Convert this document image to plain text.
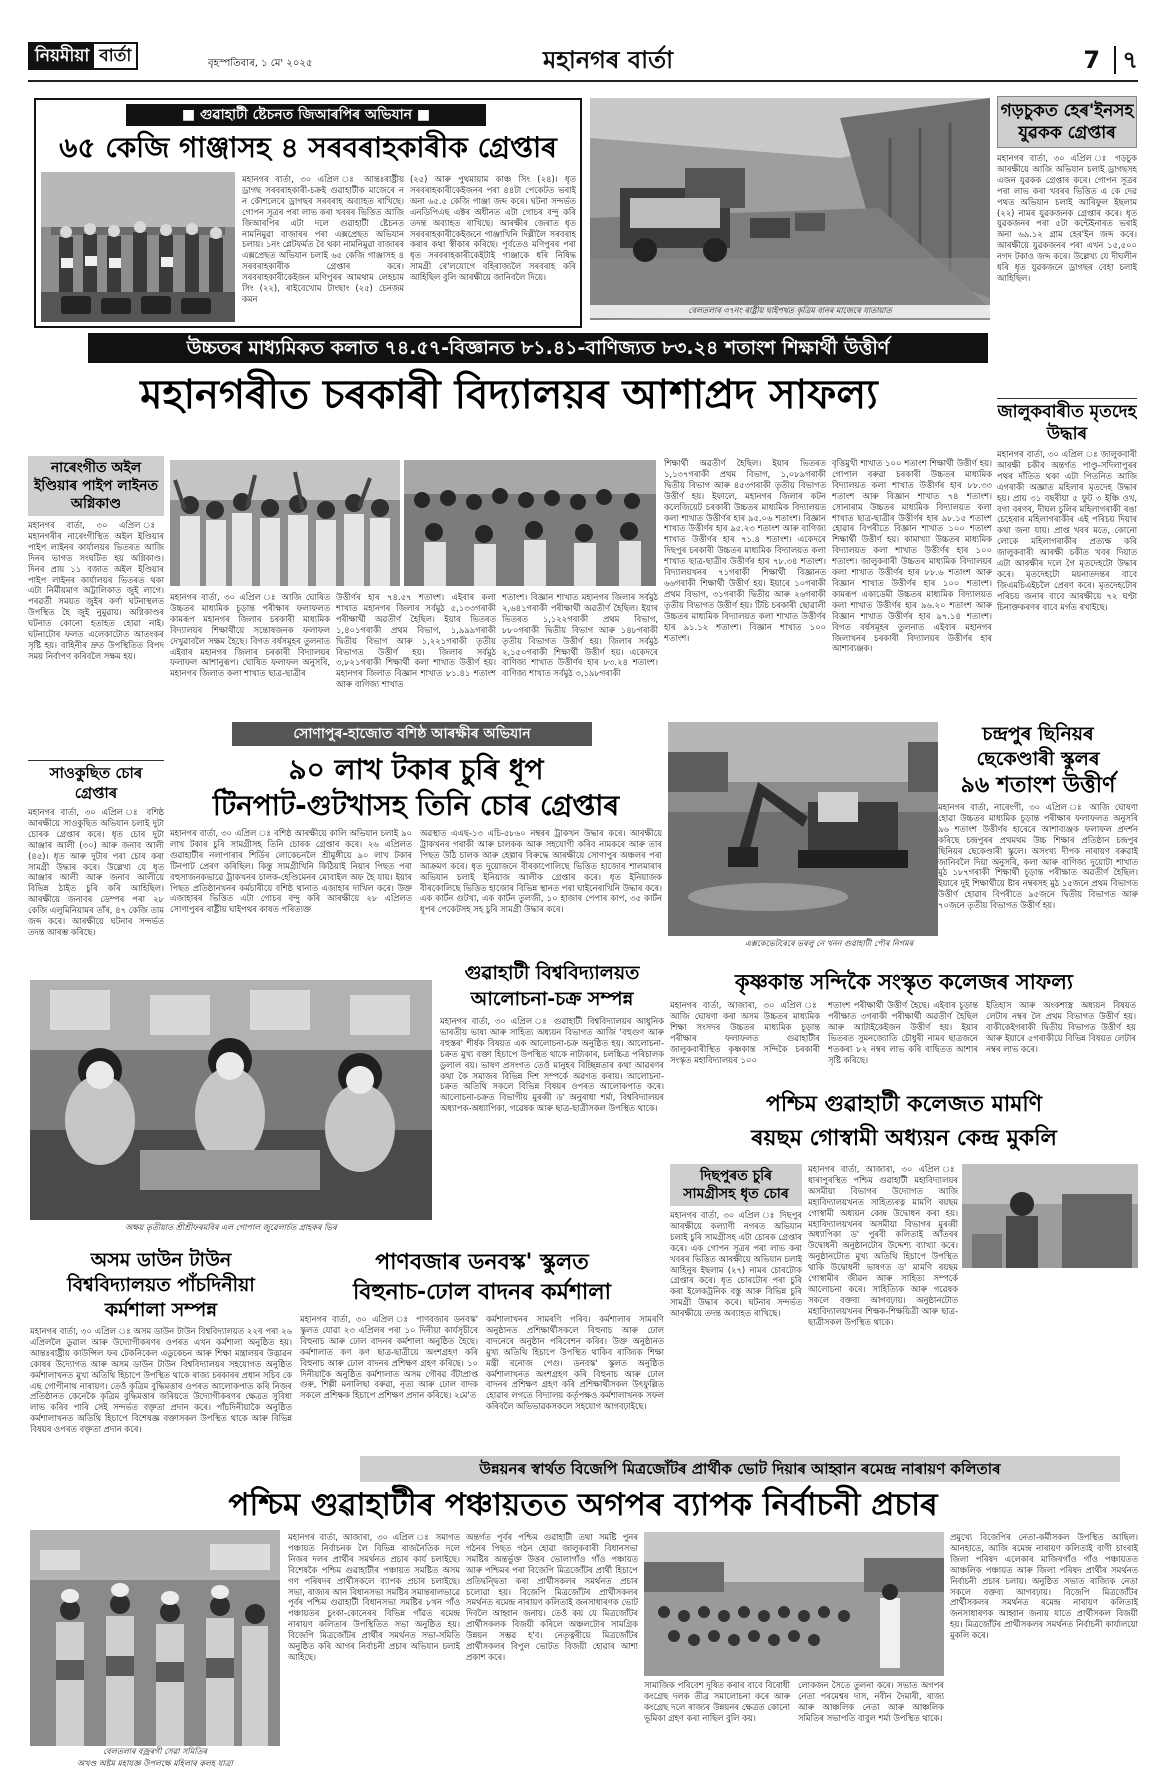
নিয়মীয়া বাৰ্তা	বৃহস্পতিবাৰ, ১ মে' ২০২৫	মহানগৰ বাৰ্তা	7 ৭
■ গুৱাহাটী ষ্টেচনত জিআৰপিৰ অভিযান ■
৬৫ কেজি গাঞ্জাসহ ৪ সৰবৰাহকাৰীক গ্ৰেপ্তাৰ
মহানগৰ বাৰ্তা, ৩০ এপ্ৰিল ঃ আন্তঃৰাষ্ট্ৰীয় ড্ৰাগছ সৰবৰাহকাৰী-চক্ৰই গুৱাহাটীক মাজেৰে ন ন কৌশলেৰে ড্ৰাগছৰ সৰবৰাহ অব্যাহত ৰাখিছে। গোপন সূত্ৰৰ পৰা লাভ কৰা খবৰৰ ভিত্তিত আজি জিআৰপিৰ এটা দলে গুৱাহাটী ষ্টেচনত নামনিমুৱা বাজাৰৰ পৰা এক্সপ্ৰেছত অভিযান চলায়। ১নং প্লেটফৰ্মত বৈ থকা নামনিমুৱা বাজাৰৰ এক্সপ্ৰেছত অভিযান চলাই ৬৫ কেজি গাঞ্জাসহ ৪ সৰবৰাহকাৰীক গ্ৰেপ্তাৰ কৰে। সৰবৰাহকাৰীকেইজন মণিপুৰৰ আমথাম লেহচাম সিং (২২), ৰাইবেখোম টাংছাং (২৫) চেনজম কমন
(২৫) আৰু পুথমায়াম কাঞ্চ সিং (২৪)। ধৃত সৰবৰাহকাৰীকেইজনৰ পৰা ৪৪টা পেকেটত ভৰাই অনা ৬৫.৫ কেজি গাঞ্জা জব্দ কৰে। ঘটনা সন্দৰ্ভত এনডিপিএছ এক্টৰ অধীনত এটা গোচৰ বন্দু কৰি তদন্ত অব্যাহত ৰাখিছে। আৰক্ষীৰ জেৰাত ধৃত সৰবৰাহকাৰীকেইজনে গাঞ্জাখিনি দিল্লীলৈ সৰবৰাহ কৰাৰ কথা স্বীকাৰ কৰিছে। পূৰ্বতেও মণিপুৰৰ পৰা ধৃত সৰবৰাহকাৰীকেইটাই গাঞ্জাকে ধৰি নিষিদ্ধ সামগ্ৰী ৰে'লযোগে বহিৰাজ্যলৈ সৰবৰাহ কৰি আহিছিল বুলি আৰক্ষীয়ে জানিবলৈ দিয়ে।
বেলতলাৰ ৩৭নং ৰাষ্ট্ৰীয় ঘাইপথত কৃত্ৰিম বানৰ মাজেৰে যাতায়াত
গড়চুকত হেৰ'ইনসহ যুৱকক গ্ৰেপ্তাৰ
মহানগৰ বাৰ্তা, ৩০ এপ্ৰিল ঃ গড়চুক আৰক্ষীয়ে আজি অভিযান চলাই ড্ৰাগছসহ এজন যুৱকক গ্ৰেপ্তাৰ কৰে। গোপন সূত্ৰৰ পৰা লাভ কৰা খবৰৰ ভিত্তিত এ কে দেৱ পথত অভিযান চলাই আৰিফুল ইছলাম (২২) নামৰ যুৱকজনক গ্ৰেপ্তাৰ কৰে। ধৃত যুৱকজনৰ পৰা ৫টা কন্টেইনাৰত ভৰাই অনা ৬৯.১২ গ্ৰাম হেৰ'ইন জব্দ কৰে। আৰক্ষীয়ে যুৱকজনৰ পৰা এখন ১৫,৫০০ নগদ টকাও জব্দ কৰে। উল্লেখ্য যে দীঘলীন ধৰি ধৃত যুৱকজনে ড্ৰাগছৰ বেহা চলাই আহিছিল।
উচ্চতৰ মাধ্যমিকত কলাত ৭৪.৫৭-বিজ্ঞানত ৮১.৪১-বাণিজ্যত ৮৩.২৪ শতাংশ শিক্ষাৰ্থী উত্তীৰ্ণ
মহানগৰীত চৰকাৰী বিদ্যালয়ৰ আশাপ্ৰদ সাফল্য	জালুকবাৰীত মৃতদেহ উদ্ধাৰ
মহানগৰ বাৰ্তা, ৩০ এপ্ৰিল ঃ জালুকবাৰী আৰক্ষী চকীৰ অন্তৰ্গত পাণ্ডু-সদিলাপুৰৰ পথৰ দাঁতিত থকা এটা পিতনিত আজি এগৰাকী অজ্ঞাত মহিলাৰ মৃতদেহ উদ্ধাৰ হয়। প্ৰায় ৩১ বছৰীয়া ৫ ফুট ৩ ইঞ্চি ওখ, বগা বৰণৰ, দীঘল চুলিৰ মহিলাগৰাকী ৰঙা চেহেৰাৰ মহিলাগৰাকীৰ এই পৰিচয় দিয়াৰ কথা জনা যায়। প্ৰাপ্ত খবৰ মতে, কোনো লোকে মহিলাগৰাকীৰ প্ৰত্যক্ষ কৰি জালুকবাৰী আৰক্ষী চকীত খবৰ দিয়াত এটা আৰক্ষীৰ দলে গৈ মৃতদেহটো উদ্ধাৰ কৰে। মৃতদেহটো ময়নাতদন্তৰ বাবে জিএমচিএইচলৈ প্ৰেৰণ কৰে। মৃতদেহটোৰ পৰিচয় জনাৰ বাবে আৰক্ষীয়ে ৭২ ঘণ্টা চিনাক্তকৰণৰ বাবে মৰ্গত ৰখাইছে।
নাৰেংগীত অইল ইণ্ডিয়াৰ পাইপ লাইনত অগ্নিকাণ্ড
মহানগৰ বাৰ্তা, ৩০ এপ্ৰিল ঃ মহানগৰীৰ নাৰেংগীস্থিত অইল ইণ্ডিয়াৰ পাইপ লাইনৰ কাৰ্যালয়ৰ ভিতৰত আজি দিনৰ ভাগত সংঘটিত হয় অগ্নিকাণ্ড। দিনৰ প্ৰায় ১১ বজাত অইল ইণ্ডিয়াৰ পাইপ লাইনৰ কাৰ্যালয়ৰ ভিতৰত থকা এটা নিৰ্মীয়মাণ অট্টালিকাত জুই লাগে। পৰৱৰ্তী সময়ত জুইৰ কৰ্ণা ঘটনাস্থলত উপস্থিত হৈ জুই নুমুৱায়। অগ্নিকাণ্ডৰ ঘটনাত কোনো হতাহত হোৱা নাই। ঘটনাটোৰ ফলত এলেকাটোত আতংকৰ সৃষ্টি হয়। বাহিনীৰ দ্ৰুত উপস্থিতিত বিপদ সময় নিৰ্বাপণ কৰিবলৈ সক্ষম হয়।
সাওকুছিত চোৰ গ্ৰেপ্তাৰ
মহানগৰ বাৰ্তা, ৩০ এপ্ৰিল ঃ বশিষ্ঠ আৰক্ষীয়ে সাওকুছিত অভিযান চলাই দুটা চোৰক গ্ৰেপ্তাৰ কৰে। ধৃত চোৰ দুটা আঞ্জাৰ আলী (৩০) আৰু জনাব আলী (৪৫)। ধৃত আৰু দুটাৰ পৰা চোৰ কৰা সামগ্ৰী উদ্ধাৰ কৰে। উল্লেখ্য যে ধৃত আঞ্জাৰ আলী আৰু জনাব আলীয়ে বিভিন্ন ঠাইত চুৰি কৰি আহিছিল। আৰক্ষীয়ে জনাবৰ ডেম্পৰ পৰা ২৮ কেজি এলুমিনিয়ামৰ তাঁৰ, ৪৭ কেজি তাম জব্দ কৰে। আৰক্ষীয়ে ঘটনাৰ সন্দৰ্ভত তদন্ত আৰম্ভ কৰিছে।
মহানগৰ বাৰ্তা, ৩০ এপ্ৰিল ঃ আজি ঘোষিত উচ্চতৰ মাধ্যমিক চূড়ান্ত পৰীক্ষাৰ ফলাফলত কামৰূপ মহানগৰ জিলাৰ চৰকাৰী মাধ্যমিক বিদ্যালয়ৰ শিক্ষাৰ্থীয়ে সন্তোষজনক ফলাফল দেখুৱাবলৈ সক্ষম হৈছে। বিগত বৰ্ষসমূহৰ তুলনাত এইবাৰ মহানগৰ জিলাৰ চৰকাৰী বিদ্যালয়ৰ ফলাফল আশানুৰূপ। ঘোষিত ফলাফল অনুসৰি, মহানগৰ জিলাত কলা শাখাত ছাত্ৰ-ছাত্ৰীৰ
উত্তীৰ্ণৰ হাৰ ৭৪.৫৭ শতাংশ। এইবাৰ কলা শাখাত মহানগৰ জিলাৰ সৰ্বমুঠ ৫,১৩৩গৰাকী পৰীক্ষাৰ্থী অৱতীৰ্ণ হৈছিল। ইয়াৰ ভিতৰত ১,৪০১গৰাকী প্ৰথম বিভাগ, ১,৯৯৯গৰাকী দ্বিতীয় বিভাগ আৰু ১,২২১গৰাকী তৃতীয় বিভাগত উত্তীৰ্ণ হয়। জিলাৰ সৰ্বমুঠ ৩,৮২১গৰাকী শিক্ষাৰ্থী কলা শাখাত উত্তীৰ্ণ হয়। মহানগৰ জিলাত বিজ্ঞান শাখাত ৮১.৪১ শতাংশ আৰু বাণিজ্য শাখাত
শতাংশ। বিজ্ঞান শাখাত মহানগৰ জিলাৰ সৰ্বমুঠ ২,৬৪১গৰাকী পৰীক্ষাৰ্থী অৱতীৰ্ণ হৈছিল। ইয়াৰ ভিতৰত ১,১২২গৰাকী প্ৰথম বিভাগ, ৮৮০গৰাকী দ্বিতীয় বিভাগ আৰু ১৪৮গৰাকী তৃতীয় বিভাগত উত্তীৰ্ণ হয়। জিলাৰ সৰ্বমুঠ ২,১৫০গৰাকী শিক্ষাৰ্থী উত্তীৰ্ণ হয়। একেদৰে বাণিজ্য শাখাত উত্তীৰ্ণৰ হাৰ ৮৩.২৪ শতাংশ। বাণিজ্য শাখাত সৰ্বমুঠ ৩,১৯৮গৰাকী
শিক্ষাৰ্থী অৱতীৰ্ণ হৈছিল। ইয়াৰ ভিতৰত ১,১৩৭গৰাকী প্ৰথম বিভাগ, ১,০৮৯গৰাকী দ্বিতীয় বিভাগ আৰু ৪৫৩গৰাকী তৃতীয় বিভাগত উত্তীৰ্ণ হয়। ইফালে, মহানগৰ জিলাৰ কটন কলেজিয়েট চৰকাৰী উচ্চতৰ মাধ্যমিক বিদ্যালয়ত কলা শাখাত উত্তীৰ্ণৰ হাৰ ৯৫.০৬ শতাংশ। বিজ্ঞান শাখাত উত্তীৰ্ণৰ হাৰ ৯৫.২৩ শতাংশ আৰু বাণিজ্য শাখাত উত্তীৰ্ণৰ হাৰ ৭১.৪ শতাংশ। একেদৰে দিছপুৰ চৰকাৰী উচ্চতৰ মাধ্যমিক বিদ্যালয়ত কলা শাখাত ছাত্ৰ-ছাত্ৰীৰ উত্তীৰ্ণৰ হাৰ ৭৮.৩৪ শতাংশ। বিদ্যালয়খনৰ ৭১গৰাকী শিক্ষাৰ্থী বিজ্ঞানত ৬৬গৰাকী শিক্ষাৰ্থী উত্তীৰ্ণ হয়। ইয়াৰে ১০গৰাকী প্ৰথম বিভাগ, ৩১গৰাকী দ্বিতীয় আৰু ২৬গৰাকী তৃতীয় বিভাগত উত্তীৰ্ণ হয়। টিচি চৰকাৰী ছোৱালী উচ্চতৰ মাধ্যমিক বিদ্যালয়ত কলা শাখাত উত্তীৰ্ণৰ হাৰ ৯১.১২ শতাংশ। বিজ্ঞান শাখাত ১০০ শতাংশ।
বৃত্তিমুখী শাখাত ১০০ শতাংশ শিক্ষাৰ্থী উত্তীৰ্ণ হয়। গোপাল বৰুৱা চৰকাৰী উচ্চতৰ মাধ্যমিক বিদ্যালয়ত কলা শাখাত উত্তীৰ্ণৰ হাৰ ৮৮.৩৩ শতাংশ আৰু বিজ্ঞান শাখাত ৭৪ শতাংশ। সোনাৰাম উচ্চতৰ মাধ্যমিক বিদ্যালয়ত কলা শাখাত ছাত্ৰ-ছাত্ৰীৰ উত্তীৰ্ণৰ হাৰ ৯৮.১৫ শতাংশ হোৱাৰ বিপৰীতে বিজ্ঞান শাখাত ১০০ শতাংশ শিক্ষাৰ্থী উত্তীৰ্ণ হয়। কামাখ্যা উচ্চতৰ মাধ্যমিক বিদ্যালয়ত কলা শাখাত উত্তীৰ্ণৰ হাৰ ১০০ শতাংশ। জালুকবাৰী উচ্চতৰ মাধ্যমিক বিদ্যালয়ৰ কলা শাখাত উত্তীৰ্ণৰ হাৰ ৮৮.৬ শতাংশ আৰু বিজ্ঞান শাখাত উত্তীৰ্ণৰ হাৰ ১০০ শতাংশ। কামৰূপ একাডেমী উচ্চতৰ মাধ্যমিক বিদ্যালয়ত কলা শাখাত উত্তীৰ্ণৰ হাৰ ৯৬.২০ শতাংশ আৰু বিজ্ঞান শাখাত উত্তীৰ্ণৰ হাৰ ৯৭.১৪ শতাংশ। বিগত বৰ্ষসমূহৰ তুলনাত এইবাৰ মহানগৰ জিলাখনৰ চৰকাৰী বিদ্যালয়ৰ উত্তীৰ্ণৰ হাৰ আশাব্যঞ্জক।
সোণাপুৰ-হাজোত বশিষ্ঠ আৰক্ষীৰ অভিযান
৯০ লাখ টকাৰ চুৰি ধূপ
টিনপাট-গুটখাসহ তিনি চোৰ গ্ৰেপ্তাৰ
মহানগৰ বাৰ্তা, ৩০ এপ্ৰিল ঃ বশিষ্ঠ আৰক্ষীয়ে কালি অভিযান চলাই ৯০ লাখ টকাৰ চুৰি সামগ্ৰীসহ তিনি চোৰক গ্ৰেপ্তাৰ কৰে। ২৬ এপ্ৰিলত গুৱাহাটীৰ নলাপাৰাৰ শিৰ্ডিৰ লোকেচনলৈ শ্ৰীমুঙ্গীয়ে ৯০ লাখ টকাৰ টিনপাট প্ৰেৰণ কৰিছিল। কিন্তু সামগ্ৰীখিনি কিঠিয়াই নিয়াৰ পিছত পৰা বহুসাজনকভাৱে ট্ৰাকখনৰ চালক-হেণ্ডিমেনৰ মোবাইল অফ হৈ যায়। ইয়াৰ পিছত প্ৰতিষ্ঠানখনৰ কৰ্মচাৰীয়ে বশিষ্ঠ থানাত এজাহাৰ দাখিল কৰে। উক্ত এজাহাৰৰ ভিত্তিত এটা গোচৰ বন্দু কৰি আৰক্ষীয়ে ২৮ এপ্ৰিলত সোণাপুৰৰ ৰাষ্ট্ৰীয় ঘাইপথৰ কাষত পৰিত্যক্ত
অৱস্থাত এএছ-১৩ এচি-৫৮৬০ নম্বৰৰ ট্ৰাকখন উদ্ধাৰ কৰে। আৰক্ষীয়ে ট্ৰাকখনৰ গৰাকী আৰু চালকক আৰু সহযোগী কৰিব নামকৰে আৰু তাৰ পিছত উঠি চালক আৰু হেল্পাৰ বিৰুদ্ধে আৰক্ষীয়ে সোণাপুৰ অঞ্চলৰ পৰা আক্ৰমণ কৰে। ধৃত দুয়োজনে বীৰকাপোলিছে ভিত্তিত হাজোৰ শালমাৰাৰ অভিযান চলাই ইনিয়াজ আলীক গ্ৰেপ্তাৰ কৰে। ধৃত ইনিয়াজক বীৰকোলিছে ভিত্তিত হাজোৰ বিভিন্ন স্থানত পৰা ঘাইনেৰাখিনি উদ্ধাৰ কৰে। এক কাৰ্টন গুটখা, এক কাৰ্টন তুলজী, ১০ হাজাৰ পেপাৰ কাপ, ৩৫ কাৰ্টন ধূপৰ পেকেটসহ সহ চুৰি সামগ্ৰী উদ্ধাৰ কৰে।
এক্সকেভেটৰেৰে ভৰলু নে খনন গুৱাহাটী পৌৰ নিগমৰ
চন্দ্ৰপুৰ ছিনিয়ৰ
ছেকেণ্ডাৰী স্কুলৰ
৯৬ শতাংশ উত্তীৰ্ণ
মহানগৰ বাৰ্তা, নাৰেংগী, ৩০ এপ্ৰিল ঃ আজি ঘোষণা হোৱা উচ্চতৰ মাধ্যমিক চূড়ান্ত পৰীক্ষাৰ ফলাফলত অনুসৰি ৯৬ শতাংশ উত্তীৰ্ণৰ হাৰেৰে আশাব্যঞ্জক ফলাফল প্ৰদৰ্শন কৰিছে চন্দ্ৰপুৰৰ প্ৰথমথম উচ্চ শিক্ষাৰ প্ৰতিষ্ঠান চন্দ্ৰপুৰ ছিনিয়ৰ ছেকেণ্ডাৰী স্কুলে। অসংখ্য দীপক নাৰায়ণ বৰুৱাই জানিবলৈ দিয়া অনুসৰি, কলা আৰু বাণিজ্য দুয়োটা শাখাত মুঠ ১৮৭গৰাকী শিক্ষাৰ্থী চূড়ান্ত পৰীক্ষাত অৱতীৰ্ণ হৈছিল। ইয়াৰে দুই শিক্ষাৰ্থীয়ে ষ্টাৰ নম্বৰসহ মুঠ ১৫জনে প্ৰথম বিভাগত উত্তীৰ্ণ হোৱাৰ বিপৰীতে ৯৫জনে দ্বিতীয় বিভাগত আৰু ৭০জনে তৃতীয় বিভাগত উত্তীৰ্ণ হয়।
অক্ষয় তৃতীয়াত শ্ৰীশ্ৰীফৰমবিৰ এল গোপাল জুৱেলাৰ্চত গ্ৰাহকৰ ভিৰ
গুৱাহাটী বিশ্ববিদ্যালয়ত
আলোচনা-চক্ৰ সম্পন্ন
মহানগৰ বাৰ্তা, ৩০ এপ্ৰিল ঃ গুৱাহাটী বিশ্ববিদ্যালয়ৰ আধুনিক ভাৰতীয় ভাষা আৰু সাহিত্য অধ্যয়ন বিভাগত আজি 'বহুগুণ আৰু বহুস্তৰ' শীৰ্ষক বিষয়ত এক আলোচনা-চক্ৰ অনুষ্ঠিত হয়। আলোচনা-চক্ৰত মুখ্য বক্তা হিচাপে উপস্থিত থাকে নাট্যকাৰ, চলচ্চিত্ৰ পৰিচালক ডুলাল ৰয়। ভাষণ প্ৰসংগত তেওঁ মানুহৰ বিচ্ছিন্নতাৰ কথা আৱৰণৰ কথা কৈ সমাজৰ বিভিন্ন দিশ সম্পৰ্কে অৱগত কৰায়। আলোচনা-চক্ৰত অতিথি সকলে বিভিন্ন বিষয়ৰ ওপৰত আলোকপাত কৰে। আলোচনা-চক্ৰত বিভাগীয় মুৰব্বী ড' অনুৰাধা শৰ্মা, বিশ্ববিদ্যালয়ৰ অধ্যাপক-অধ্যাপিকা, গৱেষক আৰু ছাত্ৰ-ছাত্ৰীসকল উপস্থিত থাকে।
কৃষ্ণকান্ত সন্দিকৈ সংস্কৃত কলেজৰ সাফল্য
মহানগৰ বাৰ্তা, আজাৰা, ৩০ এপ্ৰিল ঃ আজি ঘোষণা কৰা অসম উচ্চতৰ মাধ্যমিক শিক্ষা সংসদৰ উচ্চতৰ মাধ্যমিক চূড়ান্ত পৰীক্ষাৰ ফলাফলত গুৱাহাটীৰ জালুকবাৰীস্থিত কৃষ্ণকান্ত সন্দিকৈ চৰকাৰী সংস্কৃত মহাবিদ্যালয়ৰ ১০০
শতাংশ পৰীক্ষাৰ্থী উত্তীৰ্ণ হৈছে। এইবাৰ চূড়ান্ত পৰীক্ষাত ৩গৰাকী পৰীক্ষাৰ্থী অৱতীৰ্ণ হৈছিল আৰু আটাইকেইজন উত্তীৰ্ণ হয়। ইয়াৰ ভিতৰত সুমনজ্যোতি চৌধুৰী নামৰ ছাত্ৰজনে শতকৰা ৮২ নম্বৰ লাভ কৰি বাছিতত আশাৰ সৃষ্টি কৰিছে।
ইতিহাস আৰু অংকশাস্ত্ৰ অধ্যয়ন বিষয়ত লেটাৰ নম্বৰ লৈ প্ৰথম বিভাগত উত্তীৰ্ণ হয়। বাকীকেইগৰাকী দ্বিতীয় বিভাগত উত্তীৰ্ণ হয় আৰু ইয়াৰে ৫গৰাকীয়ে বিভিন্ন বিষয়ত লেটাৰ নম্বৰ লাভ কৰে।
পশ্চিম গুৱাহাটী কলেজত মামণি
ৰয়ছম গোস্বামী অধ্যয়ন কেন্দ্ৰ মুকলি
দিছপুৰত চুৰি সামগ্ৰীসহ ধৃত চোৰ
মহানগৰ বাৰ্তা, ৩০ এপ্ৰিল ঃ দিছপুৰ আৰক্ষীয়ে কল্যাণী নগৰত অভিযান চলাই চুৰি সামগ্ৰীসহ এটা চোৰক গ্ৰেপ্তাৰ কৰে। এক গোপন সূত্ৰৰ পৰা লাভ কৰা খবৰৰ ভিত্তিত আৰক্ষীয়ে অভিযান চলাই আহিনুৰ ইছলাম (২৭) নামৰ চোৰটোক গ্ৰেপ্তাৰ কৰে। ধৃত চোৰটোৰ পৰা চুৰি কৰা ইলেকট্ৰনিক বস্তু আৰু বিভিন্ন চুৰি সামগ্ৰী উদ্ধাৰ কৰে। ঘটনাৰ সন্দৰ্ভত আৰক্ষীয়ে তদন্ত অব্যাহত ৰাখিছে।
মহানগৰ বাৰ্তা, আজাৰা, ৩০ এপ্ৰিল ঃ ধাৰাপুৰস্থিত পশ্চিম গুৱাহাটী মহাবিদ্যালয়ৰ অসমীয়া বিভাগৰ উদ্যোগত আজি মহাবিদ্যালয়খনত সাহিত্যৰত্ন মামণি ৰয়ছম গোস্বামী অধ্যয়ন কেন্দ্ৰ উদ্বোধন কৰা হয়। মহাবিদ্যালয়খনৰ অসমীয়া বিভাগৰ মুৰব্বী অধ্যাপিকা ড' পুৰবী কলিতাই আঁতৰৰ উদ্বোধনী অনুষ্ঠানটোৰ উদ্দেশ্য ব্যাখ্যা কৰে। অনুষ্ঠানটোত মুখ্য অতিথি হিচাপে উপস্থিত থাকি উদ্বোধনী ভাষণত ড' মামণি ৰয়ছম গোস্বামীৰ জীৱন আৰু সাহিত্য সম্পৰ্কে আলোচনা কৰে। সাহিত্যিক আৰু গৱেষক সকলে বক্তব্য আগবঢ়ায়। অনুষ্ঠানটোত মহাবিদ্যালয়খনৰ শিক্ষক-শিক্ষয়িত্ৰী আৰু ছাত্ৰ-ছাত্ৰীসকল উপস্থিত থাকে।
অসম ডাউন টাউন
বিশ্ববিদ্যালয়ত পাঁচদিনীয়া
কৰ্মশালা সম্পন্ন
মহানগৰ বাৰ্তা, ৩০ এপ্ৰিল ঃ অসম ডাউন টাউন বিশ্ববিদ্যালয়ত ২২ৰ পৰা ২৬ এপ্ৰিললৈ ডুৱাল আৰু উদ্যোগীকৰণৰ ওপৰত এখন কৰ্মশালা অনুষ্ঠিত হয়। আন্তঃৰাষ্ট্ৰীয় কাউন্সিল ফৰ টেকনিকেল এডুকেচন আৰু শিক্ষা মন্ত্ৰালয়ৰ উদ্ভাৱন কোষৰ উদ্যোগত আৰু অসম ডাউন টাউন বিশ্ববিদ্যালয়ৰ সহযোগত অনুষ্ঠিত কৰ্মশালাখনত মুখ্য অতিথি হিচাপে উপস্থিত থাকে ৰাজ্য চৰকাৰৰ প্ৰধান সচিব কে এছ গোপীনাথ নাৰায়ণ। তেওঁ কৃত্ৰিম বুদ্ধিমত্তাৰ ওপৰত আলোকপাত কৰি নিজৰ প্ৰতিষ্ঠানত কেনেকৈ কৃত্ৰিম বুদ্ধিমত্তাৰ জৰিয়তে উদ্যোগীকৰণৰ ক্ষেত্ৰত সুবিধা লাভ কৰিব পাৰি সেই সন্দৰ্ভত বক্তৃতা প্ৰদান কৰে। পাঁচদিনীয়াকৈ অনুষ্ঠিত কৰ্মশালাখনত অতিথি হিচাপে বিশেষজ্ঞ বক্তাসকল উপস্থিত থাকে আৰু বিভিন্ন বিষয়ৰ ওপৰত বক্তৃতা প্ৰদান কৰে।
পাণবজাৰ ডনবস্ক' স্কুলত
বিহুনাচ-ঢোল বাদনৰ কৰ্মশালা
মহানগৰ বাৰ্তা, ৩০ এপ্ৰিল ঃ পাণবজাৰ ডনবস্ক' স্কুলত যোৱা ২৩ এপ্ৰিলৰ পৰা ১০ দিনীয়া কাৰ্যসূচীৰে বিহুনাচ আৰু ঢোল বাদনৰ কৰ্মশালা অনুষ্ঠিত হৈছে। কৰ্মশালাত কণ কণ ছাত্ৰ-ছাত্ৰীয়ে অংশগ্ৰহণ কৰি বিহুনাচ আৰু ঢোল বাদনৰ প্ৰশিক্ষণ গ্ৰহণ কৰিছে। ১০ দিনীয়াকৈ অনুষ্ঠিত কৰ্মশালাত অসম গৌৰৱ বঁটাপ্ৰাপ্ত গুৰু, শিল্পী মনালিছা বৰুৱা, নৃত্য আৰু ঢোল বাদক সকলে প্ৰশিক্ষক হিচাপে প্ৰশিক্ষণ প্ৰদান কৰিছে। ২মে'ত
কৰ্মশালাখনৰ সামৰণি পৰিব। কৰ্মশালাৰ সামৰণি অনুষ্ঠানত প্ৰশিক্ষাৰ্থীসকলে বিহুনাচ আৰু ঢোল বাদনেৰে অনুষ্ঠান পৰিবেশন কৰিব। উক্ত অনুষ্ঠানত মুখ্য অতিথি হিচাপে উপস্থিত থাকিব ৰাজ্যিক শিক্ষা মন্ত্ৰী ৰনোজ পেগু। ডনবস্ক' স্কুলত অনুষ্ঠিত কৰ্মশালাখনত অংশগ্ৰহণ কৰি বিহুনাচ আৰু ঢোল বাদনৰ প্ৰশিক্ষণ গ্ৰহণ কৰি প্ৰশিক্ষাৰ্থীসকল উৎফুল্লিত হোৱাৰ লগতে বিদ্যালয় কৰ্তৃপক্ষও কৰ্মশালাখনক সফল কৰিবলৈ অভিভাৱকসকলে সহযোগ আগবঢ়াইছে।
উন্নয়নৰ স্বাৰ্থত বিজেপি মিত্ৰজোঁটৰ প্ৰাৰ্থীক ভোট দিয়াৰ আহ্বান ৰমেন্দ্ৰ নাৰায়ণ কলিতাৰ
পশ্চিম গুৱাহাটীৰ পঞ্চায়তত অগপৰ ব্যাপক নিৰ্বাচনী প্ৰচাৰ
বেলতলাৰ বজ্ৰৰগী সেৱা সমিতিৰ
অখণ্ড অষ্টম মহাযজ্ঞ উপলক্ষে মহিলাৰ কলহ যাত্ৰা
মহানগৰ বাৰ্তা, আজাৰা, ৩০ এপ্ৰিল ঃ সমাগত পঞ্চায়ত নিৰ্বাচনক লৈ বিভিন্ন ৰাজনৈতিক দলে নিজৰ দলৰ প্ৰাৰ্থীৰ সমৰ্থনত প্ৰচাৰ কাৰ্য চলাইছে। বিশেষকৈ পশ্চিম গুৱাহাটীৰ পঞ্চায়ত সমষ্টিত অসম গণ পৰিষদৰ প্ৰাৰ্থীসকলে ব্যাপক প্ৰচাৰ চলাইছে। সভা, ৰাজ্যৰ আন বিধানসভা সমষ্টিৰ সমান্তৰালভাৱে পূৰ্বৰ পশ্চিম গুৱাহাটী বিধানসভা সমষ্টিৰ ৮খন গাঁও পঞ্চায়তৰ চুংকা-কোনেৰৰ বিভিন্ন গাঁৱত ৰমেন্দ্ৰ নাৰায়ণ কলিতাৰ উপস্থিতিত সভা অনুষ্ঠিত হয়। বিজেপি মিত্ৰজোঁটৰ প্ৰাৰ্থীৰ সমৰ্থনত সভা-সমিতি অনুষ্ঠিত কৰি আগৰ নিৰ্বাচনী প্ৰচাৰ অভিযান চলাই আহিছে।
অন্তৰ্গত পূৰ্বৰ পশ্চিম গুৱাহাটী তথা সমষ্টি পুনৰ গঠনৰ পিছত গঠন হোৱা জালুকবাৰী বিধানসভা সমষ্টিৰ অন্তৰ্ভুক্ত উত্তৰ ভোলাগাঁও গাঁও পঞ্চায়ত আৰু পশ্চিমৰ পৰা বিজেপি মিত্ৰজোঁটৰ প্ৰাৰ্থী হিচাপে প্ৰতিদ্বন্দ্বিতা কৰা প্ৰাৰ্থীসকলৰ সমৰ্থনত প্ৰচাৰ চলোৱা হয়। বিজেপি মিত্ৰজোঁটৰ প্ৰাৰ্থীসকলৰ সমৰ্থনত ৰমেন্দ্ৰ নাৰায়ণ কলিতাই জনসাধাৰণক ভোট দিবলৈ আহ্বান জনায়। তেওঁ কয় যে মিত্ৰজোঁটৰ প্ৰাৰ্থীসকলক বিজয়ী কৰিলে অঞ্চলটোৰ সামগ্ৰিক উন্নয়ন সম্ভৱ হ'ব। নেতৃত্বৰীয়ে মিত্ৰজোঁটৰ প্ৰাৰ্থীসকলৰ বিপুল ভোটত বিজয়ী হোৱাৰ আশা প্ৰকাশ কৰে।
সামাজিক পৰিবেশ দূষিত কৰাৰ বাবে বিৰোধী কংগ্ৰেছ দলক তীব্ৰ সমালোচনা কৰে আৰু কংগ্ৰেছ দলে ৰাজ্যৰ উন্নয়নৰ ক্ষেত্ৰত কোনো ভূমিকা গ্ৰহণ কৰা নাছিল বুলি কয়।
লোকজন সৈতে তুলনা কৰে। সভাত অগপৰ নেতা পৰমেশ্বৰ দাস, নবীন দৈমাৰী, ৰাজ্য আৰু আঞ্চলিক নেতা আৰু আঞ্চলিক সমিতিৰ সভাপতি বাবুল শৰ্মা উপস্থিত থাকে।
প্ৰমুখ্যে বিজেপিৰ নেতা-কৰ্মীসকল উপস্থিত আছিল। আনহাতে, আজি ৰমেন্দ্ৰ নাৰায়ণ কলিতাই বাণী চাংৰাই জিলা পৰিষদ এলেকাৰ মাজিৰগাঁও গাঁও পঞ্চায়তত আঞ্চলিক পঞ্চায়ত আৰু জিলা পৰিষদ প্ৰাৰ্থীৰ সমৰ্থনত নিৰ্বাচনী প্ৰচাৰ চলায়। অনুষ্ঠিত সভাত ৰাজ্যিক নেতা সকলে বক্তব্য আগবঢ়ায়। বিজেপি মিত্ৰজোঁটৰ প্ৰাৰ্থীসকলৰ সমৰ্থনত ৰমেন্দ্ৰ নাৰায়ণ কলিতাই জনসাধাৰণক আহ্বান জনায় যাতে প্ৰাৰ্থীসকল বিজয়ী হয়। মিত্ৰজোঁটৰ প্ৰাৰ্থীসকলৰ সমৰ্থনত নিৰ্বাচনী কাৰ্যালয়ো মুকলি কৰে।
